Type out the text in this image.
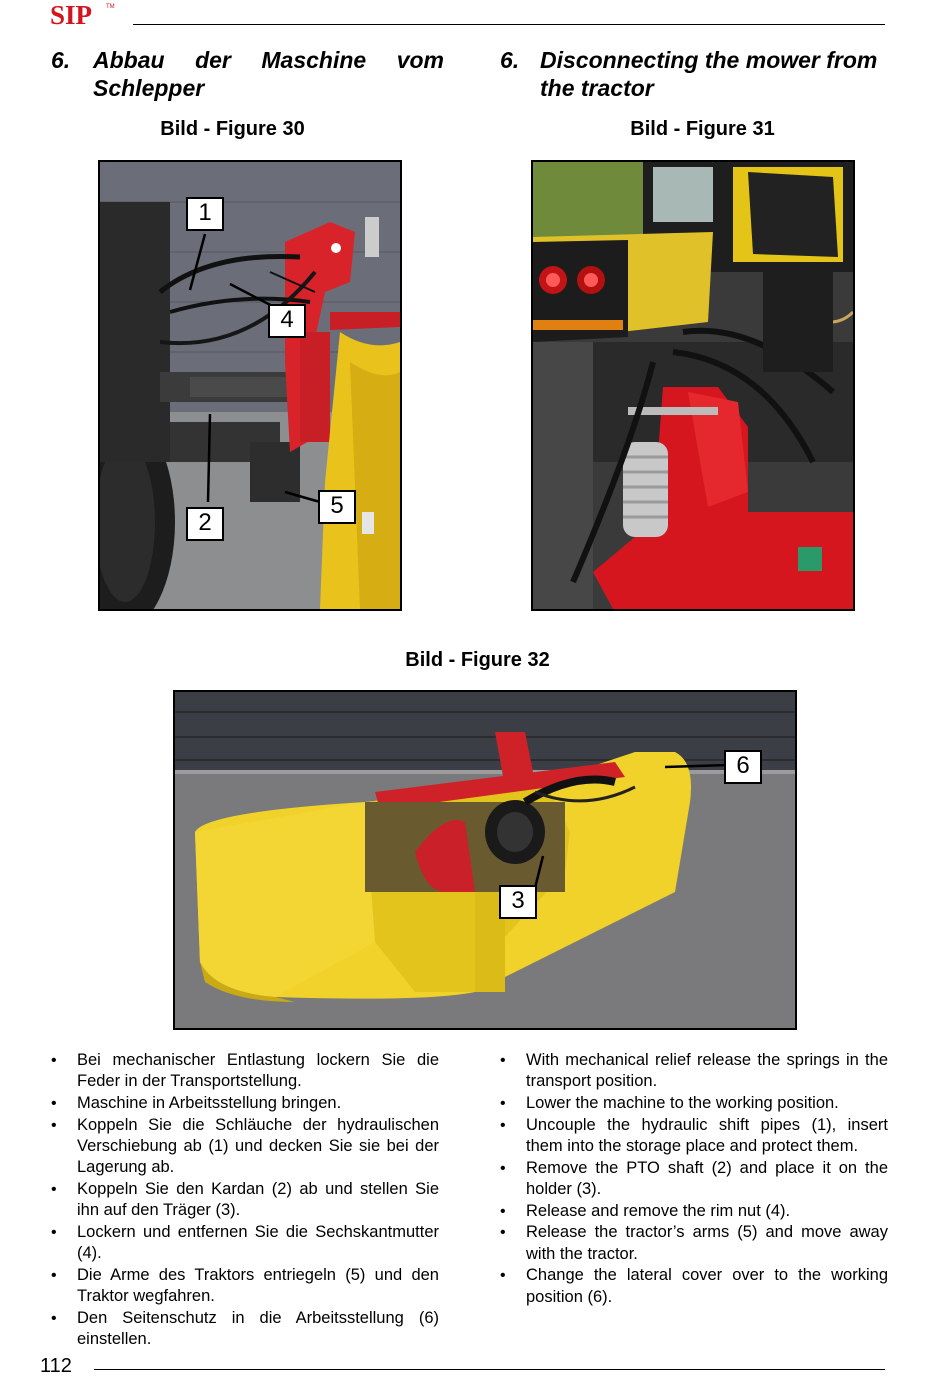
SIP TM
6. Abbau der Maschine vom
Schlepper
6. Disconnecting the mower from
the tractor

Bild - Figure 30	Bild - Figure 31

Bild - Figure 32

1
4
2
5
6
3
• Bei mechanischer Entlastung lockern Sie die Feder in der Transportstellung.
• Maschine in Arbeitsstellung bringen.
• Koppeln Sie die Schläuche der hydraulischen Verschiebung ab (1) und decken Sie sie bei der Lagerung ab.
• Koppeln Sie den Kardan (2) ab und stellen Sie ihn auf den Träger (3).
• Lockern und entfernen Sie die Sechskantmutter (4).
• Die Arme des Traktors entriegeln (5) und den Traktor wegfahren.
• Den Seitenschutz in die Arbeitsstellung (6) einstellen.
• With mechanical relief release the springs in the transport position.
• Lower the machine to the working position.
• Uncouple the hydraulic shift pipes (1), insert them into the storage place and protect them.
• Remove the PTO shaft (2) and place it on the holder (3).
• Release and remove the rim nut (4).
• Release the tractor’s arms (5) and move away with the tractor.
• Change the lateral cover over to the working position (6).
112
